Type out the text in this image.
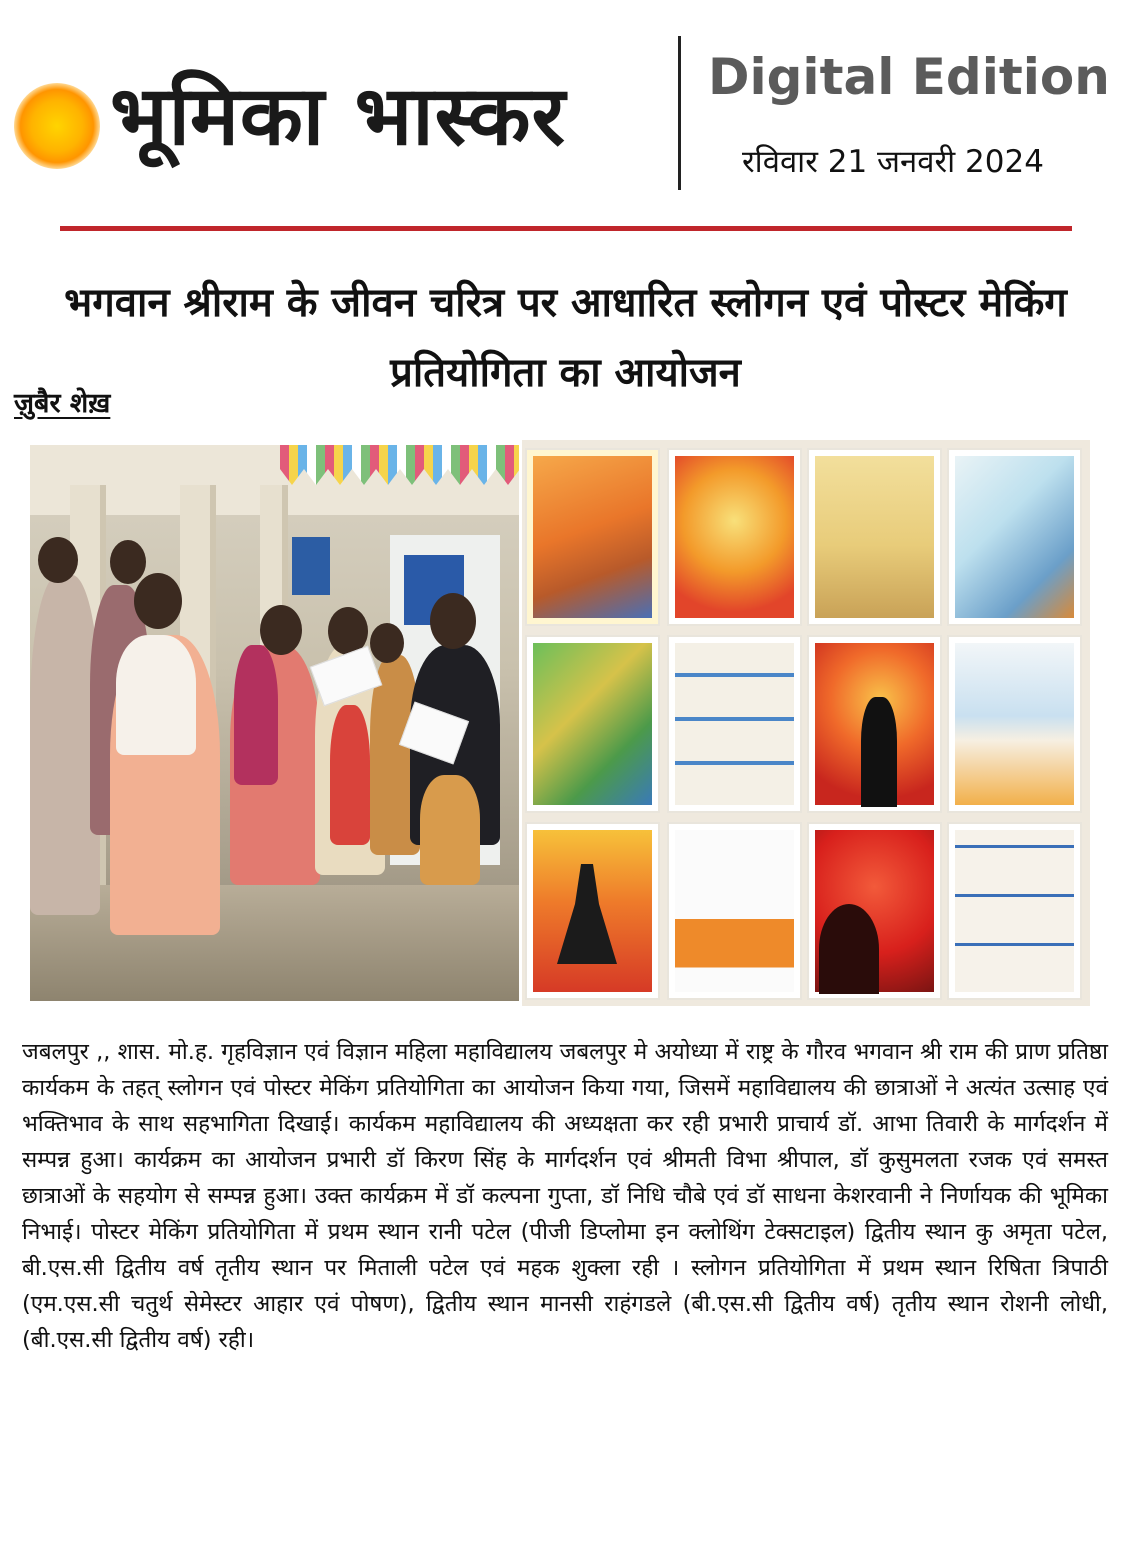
भूमिका भास्कर	Digital Edition
रविवार 21 जनवरी 2024
भगवान श्रीराम के जीवन चरित्र पर आधारित स्लोगन एवं पोस्टर मेकिंग प्रतियोगिता का आयोजन
ज़ुबैर शेख़
जबलपुर ,, शास. मो.ह. गृहविज्ञान एवं विज्ञान महिला महाविद्यालय जबलपुर मे अयोध्या में राष्ट्र के गौरव भगवान श्री राम की प्राण प्रतिष्ठा कार्यकम के तहत् स्लोगन एवं पोस्टर मेकिंग प्रतियोगिता का आयोजन किया गया, जिसमें महाविद्यालय की छात्राओं ने अत्यंत उत्साह एवं भक्तिभाव के साथ सहभागिता दिखाई। कार्यकम महाविद्यालय की अध्यक्षता कर रही प्रभारी प्राचार्य डॉ. आभा तिवारी के मार्गदर्शन में सम्पन्न हुआ। कार्यक्रम का आयोजन प्रभारी डॉ किरण सिंह के मार्गदर्शन एवं श्रीमती विभा श्रीपाल, डॉ कुसुमलता रजक एवं समस्त छात्राओं के सहयोग से सम्पन्न हुआ। उक्त कार्यक्रम में डॉ कल्पना गुप्ता, डॉ निधि चौबे एवं डॉ साधना केशरवानी ने निर्णायक की भूमिका निभाई। पोस्टर मेकिंग प्रतियोगिता में प्रथम स्थान रानी पटेल (पीजी डिप्लोमा इन क्लोथिंग टेक्सटाइल) द्वितीय स्थान कु अमृता पटेल, बी.एस.सी द्वितीय वर्ष तृतीय स्थान पर मिताली पटेल एवं महक शुक्ला रही । स्लोगन प्रतियोगिता में प्रथम स्थान रिषिता त्रिपाठी (एम.एस.सी चतुर्थ सेमेस्टर आहार एवं पोषण), द्वितीय स्थान मानसी राहंगडले (बी.एस.सी द्वितीय वर्ष) तृतीय स्थान रोशनी लोधी, (बी.एस.सी द्वितीय वर्ष) रही।
